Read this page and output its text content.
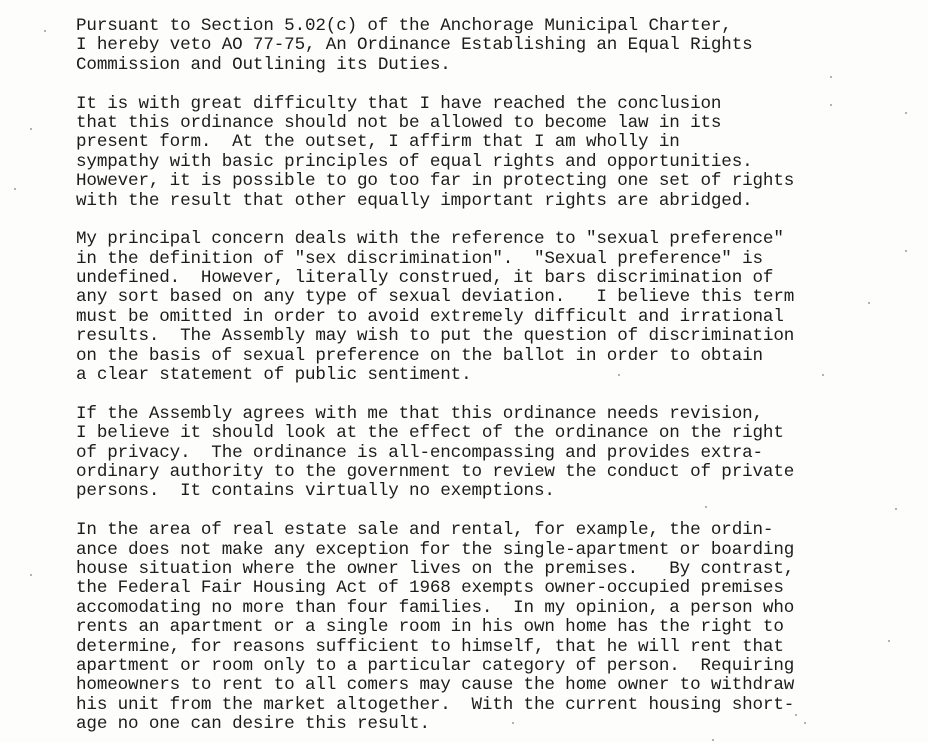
Pursuant to Section 5.02(c) of the Anchorage Municipal Charter,
I hereby veto AO 77-75, An Ordinance Establishing an Equal Rights
Commission and Outlining its Duties.
It is with great difficulty that I have reached the conclusion
that this ordinance should not be allowed to become law in its
present form.  At the outset, I affirm that I am wholly in
sympathy with basic principles of equal rights and opportunities.
However, it is possible to go too far in protecting one set of rights
with the result that other equally important rights are abridged.
My principal concern deals with the reference to "sexual preference"
in the definition of "sex discrimination".  "Sexual preference" is
undefined.  However, literally construed, it bars discrimination of
any sort based on any type of sexual deviation.   I believe this term
must be omitted in order to avoid extremely difficult and irrational
results.  The Assembly may wish to put the question of discrimination
on the basis of sexual preference on the ballot in order to obtain
a clear statement of public sentiment.
If the Assembly agrees with me that this ordinance needs revision,
I believe it should look at the effect of the ordinance on the right
of privacy.  The ordinance is all-encompassing and provides extra-
ordinary authority to the government to review the conduct of private
persons.  It contains virtually no exemptions.
In the area of real estate sale and rental, for example, the ordin-
ance does not make any exception for the single-apartment or boarding
house situation where the owner lives on the premises.   By contrast,
the Federal Fair Housing Act of 1968 exempts owner-occupied premises
accomodating no more than four families.  In my opinion, a person who
rents an apartment or a single room in his own home has the right to
determine, for reasons sufficient to himself, that he will rent that
apartment or room only to a particular category of person.  Requiring
homeowners to rent to all comers may cause the home owner to withdraw
his unit from the market altogether.  With the current housing short-
age no one can desire this result.
